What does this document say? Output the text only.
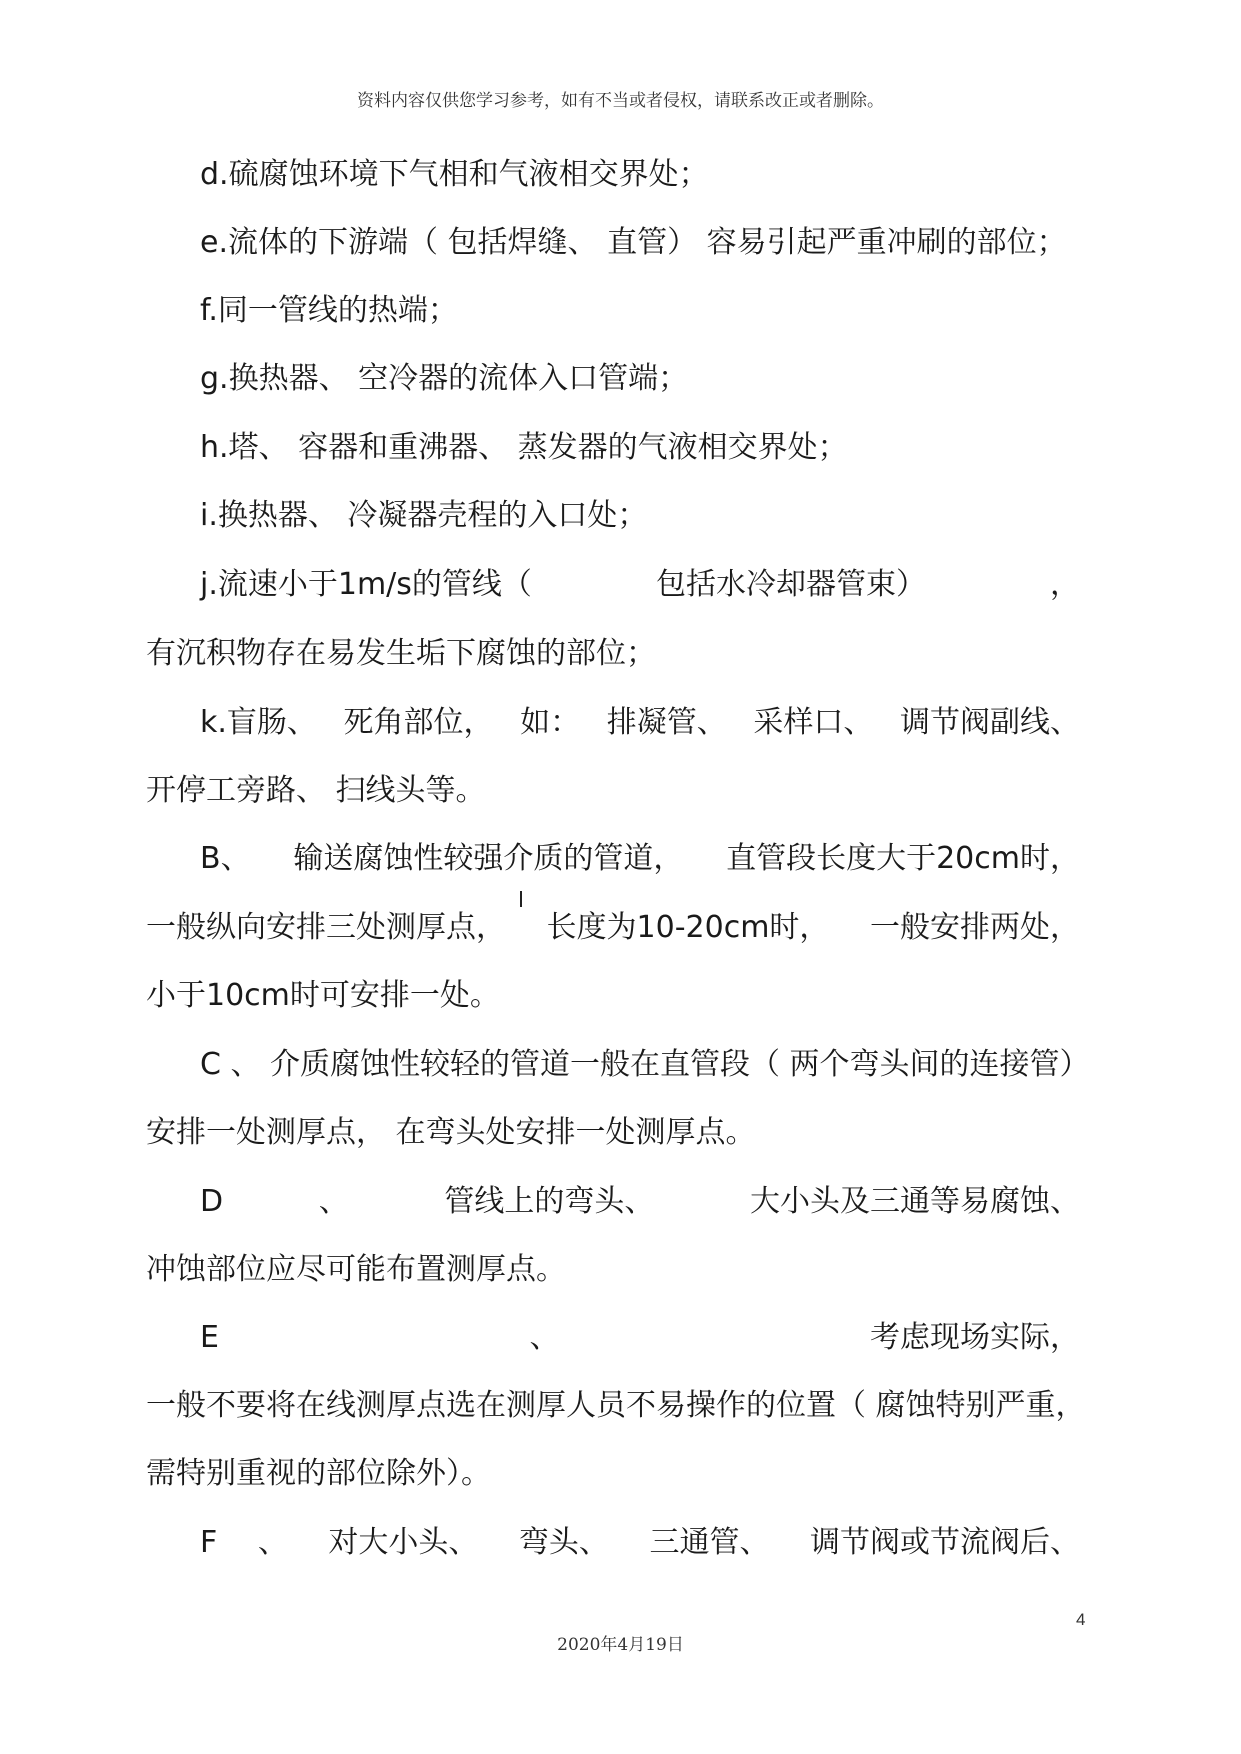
资料内容仅供您学习参考，如有不当或者侵权，请联系改正或者删除。
d.硫腐蚀环境下气相和气液相交界处；
e.流体的下游端（ 包括焊缝、 直管） 容易引起严重冲刷的部位；
f.同一管线的热端；
g.换热器、 空冷器的流体入口管端；
h.塔、 容器和重沸器、 蒸发器的气液相交界处；
i.换热器、 冷凝器壳程的入口处；
j.流速小于1m/s的管线（	包括水冷却器管束）	，
有沉积物存在易发生垢下腐蚀的部位；
k.盲肠、 死角部位， 如： 排凝管、 采样口、 调节阀副线、
开停工旁路、 扫线头等。
B、 输送腐蚀性较强介质的管道， 直管段长度大于20cm时，
一般纵向安排三处测厚点， 长度为10-20cm时， 一般安排两处，
小于10cm时可安排一处。
C 、 介质腐蚀性较轻的管道一般在直管段（ 两个弯头间的连接管）
安排一处测厚点， 在弯头处安排一处测厚点。
D	、	管线上的弯头、	大小头及三通等易腐蚀、
冲蚀部位应尽可能布置测厚点。
E	、	考虑现场实际，
一般不要将在线测厚点选在测厚人员不易操作的位置（ 腐蚀特别严重，
需特别重视的部位除外）。
F 、 对大小头、 弯头、 三通管、 调节阀或节流阀后、
4
2020年4月19日
